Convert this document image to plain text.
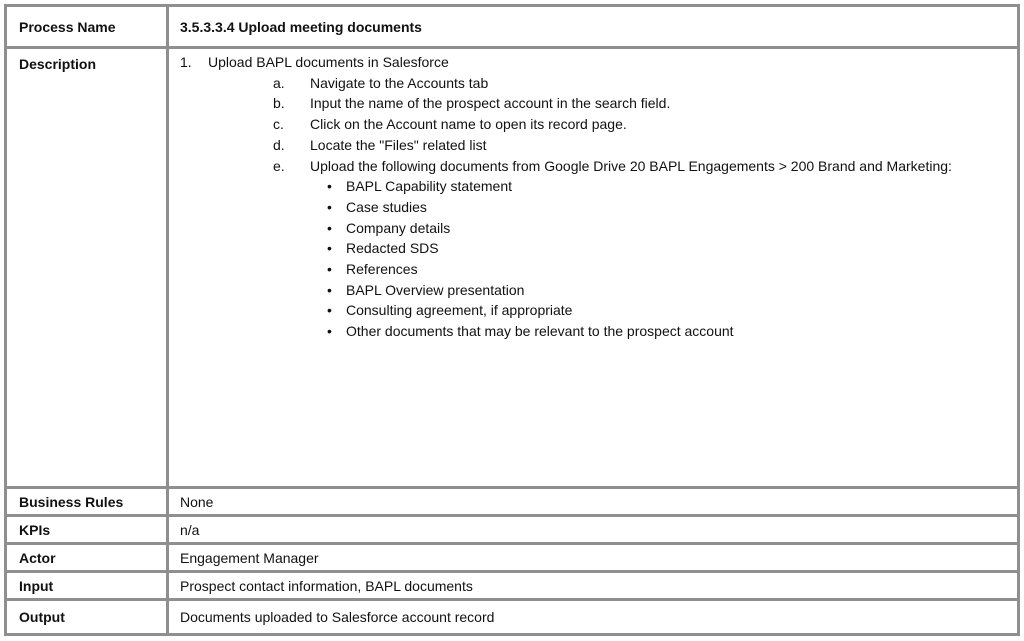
Process Name	3.5.3.3.4 Upload meeting documents
Description	1. Upload BAPL documents in Salesforce
a. Navigate to the Accounts tab
b. Input the name of the prospect account in the search field.
c. Click on the Account name to open its record page.
d. Locate the "Files" related list
e. Upload the following documents from Google Drive 20 BAPL Engagements > 200 Brand and Marketing:
• BAPL Capability statement
• Case studies
• Company details
• Redacted SDS
• References
• BAPL Overview presentation
• Consulting agreement, if appropriate
• Other documents that may be relevant to the prospect account
Business Rules	None
KPIs	n/a
Actor	Engagement Manager
Input	Prospect contact information, BAPL documents
Output	Documents uploaded to Salesforce account record
